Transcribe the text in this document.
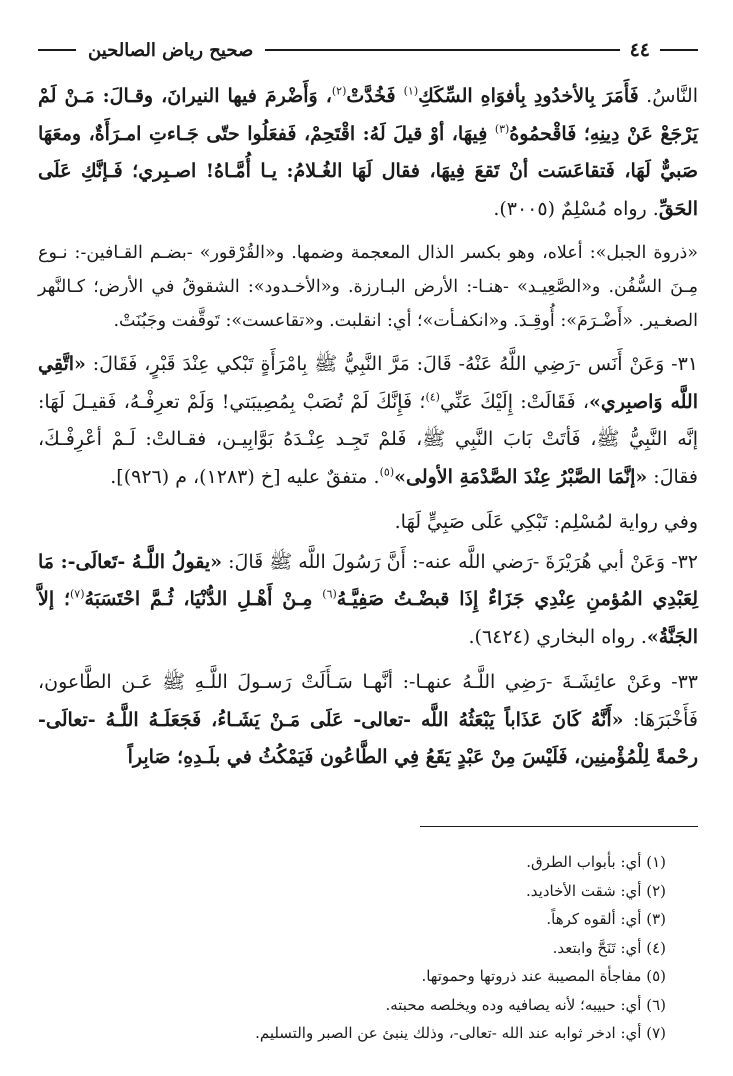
٤٤
صحيح رياض الصالحين

النَّاسُ. فَأَمَرَ بِالأخدُودِ بِأفوَاهِ السِّكَكِ$^{(١)}$ فَخُدَّتْ$^{(٢)}$، وَأَضْرمَ فيها النيرانَ، وقـالَ: مَـنْ لَمْ يَرْجَعْ عَنْ دِينِهِ؛ فَاقْحمُوهُ$^{(٣)}$ فِيهَا، أوْ قيلَ لَهُ: اقْتَحِمْ، فَفعَلُوا حتّى جَـاءتِ امـرَأَةٌ، ومعَهَا صَبيٌّ لَهَا، فَتقاعَسَت أنْ تَقعَ فِيهَا، فقال لَهَا الغُـلامُ: يـا أُمَّـاهُ! اصـبِري؛ فَـإنَّكِ عَلَى الحَقِّ. رواه مُسْلِمٌ (٣٠٠٥).

«ذروة الجبل»: أعلاه، وهو بكسر الذال المعجمة وضمها. و«القُرْقور» -بضـم القـافين-: نـوع مِـنَ السُّفُن. و«الصَّعِيـد» -هنـا-: الأرض البـارزة. و«الأخـدود»: الشقوقُ في الأرض؛ كـالنَّهر الصغـير. «أَضْـرَمَ»: أُوقِـدَ. و«انكفـأت»؛ أي: انقلبت. و«تقاعست»: تَوقَّفت وجَبُنَتْ.

٣١- وَعَنْ أَنَس -رَضِي اللَّهُ عَنْهُ- قَالَ: مَرَّ النَّبِيُّ ﷺ بِامْرَأَةٍ تَبْكي عِنْدَ قَبْرٍ، فَقَالَ: «اتَّقِي اللَّه وَاصبِري»، فَقَالَتْ: إِلَيْكَ عَنِّي$^{(٤)}$؛ فَإِنَّكَ لَمْ تُصَبْ بِمُصِيبَتي! وَلَمْ تعرِفْـهُ، فَقيـلَ لَهَا: إنَّه النَّبِيُّ ﷺ، فَأتَتْ بَابَ النَّبِي ﷺ، فَلمْ تَجِـد عِنْـدَهُ بَوَّابِيـن، فقـالتْ: لَـمْ أعْرِفْـكَ، فقالَ: «إنَّمَا الصَّبْرُ عِنْدَ الصَّدْمَةِ الأولى»$^{(٥)}$. متفقٌ عليه [خ (١٢٨٣)، م (٩٢٦)].

وفي رواية لمُسْلِم: تَبْكِي عَلَى صَبِيٍّ لَهَا.

٣٢- وَعَنْ أبي هُرَيْرَةَ -رَضي اللَّه عنه-: أَنَّ رَسُولَ اللَّه ﷺ قَالَ: «يقولُ اللَّـهُ -تَعالَى-: مَا لِعَبْدِي المُؤمنِ عِنْدِي جَزَاءٌ إِذَا قبضْـتُ صَفِيَّـهُ$^{(٦)}$ مِـنْ أَهْـلِ الدُّنْيَا، ثُـمَّ احْتَسَبَهُ$^{(٧)}$؛ إلاَّ الجَنَّةُ». رواه البخاري (٦٤٢٤).

٣٣- وعَنْ عائِشَـةَ -رَضِي اللَّـهُ عنهـا-: أنَّهـا سَـأَلَتْ رَسـولَ اللَّـهِ ﷺ عَـن الطَّاعون، فَأَخْبَرَهَا: «أَنَّهُ كَانَ عَذَاباً يَبْعَثُهُ اللَّه -تعالى- عَلَى مَـنْ يَشَـاءُ، فَجَعَلَـهُ اللَّـهُ -تعالَى- رحْمةً لِلْمُؤْمنِين، فَلَيْسَ مِنْ عَبْدٍ يَقَعُ فِي الطَّاعُون فَيَمْكُثُ في بلَـدِهِ؛ صَابِراً

(١) أي: بأبواب الطرق.
(٢) أي: شقت الأخاديد.
(٣) أي: ألقوه كرهاً.
(٤) أي: تَنَحَّ وابتعد.
(٥) مفاجأة المصيبة عند ذروتها وحموتها.
(٦) أي: حبيبه؛ لأنه يصافيه وده ويخلصه محبته.
(٧) أي: ادخر ثوابه عند الله -تعالى-، وذلك ينبئ عن الصبر والتسليم.
